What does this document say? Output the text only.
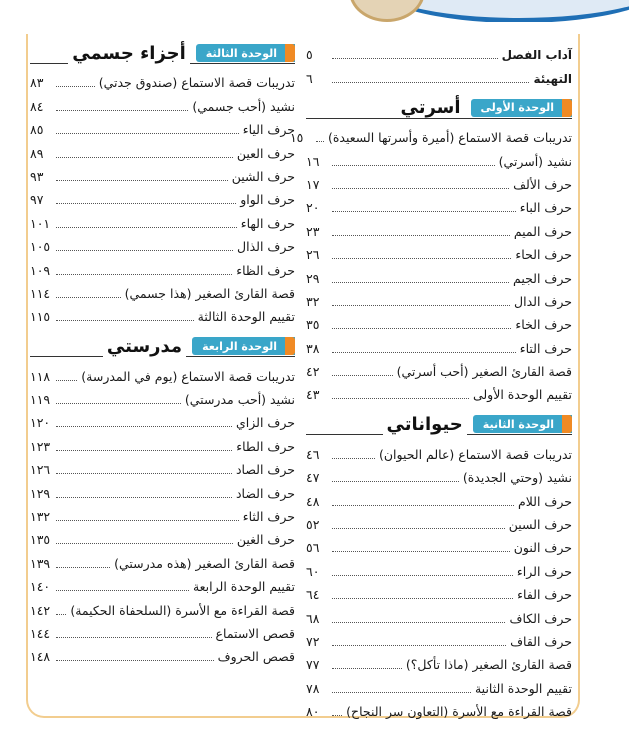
آداب الفصل
٥
التهيئة
٦
الوحدة الأولى
أسرتي
تدريبات قصة الاستماع (أميرة وأسرتها السعيدة)
١٥
نشيد (أسرتي)
١٦
حرف الألف
١٧
حرف الباء
٢٠
حرف الميم
٢٣
حرف الحاء
٢٦
حرف الجيم
٢٩
حرف الدال
٣٢
حرف الخاء
٣٥
حرف التاء
٣٨
قصة القارئ الصغير (أحب أسرتي)
٤٢
تقييم الوحدة الأولى
٤٣
الوحدة الثانية
حيواناتي
تدريبات قصة الاستماع (عالم الحيوان)
٤٦
نشيد (وحتي الجديدة)
٤٧
حرف اللام
٤٨
حرف السين
٥٢
حرف النون
٥٦
حرف الراء
٦٠
حرف الفاء
٦٤
حرف الكاف
٦٨
حرف القاف
٧٢
قصة القارئ الصغير (ماذا تأكل؟)
٧٧
تقييم الوحدة الثانية
٧٨
قصة القراءة مع الأسرة (التعاون سر النجاح)
٨٠
الوحدة الثالثة
أجزاء جسمي
تدريبات قصة الاستماع (صندوق جدتي)
٨٣
نشيد (أحب جسمي)
٨٤
حرف الياء
٨٥
حرف العين
٨٩
حرف الشين
٩٣
حرف الواو
٩٧
حرف الهاء
١٠١
حرف الذال
١٠٥
حرف الظاء
١٠٩
قصة القارئ الصغير (هذا جسمي)
١١٤
تقييم الوحدة الثالثة
١١٥
الوحدة الرابعة
مدرستي
تدريبات قصة الاستماع (يوم في المدرسة)
١١٨
نشيد (أحب مدرستي)
١١٩
حرف الزاي
١٢٠
حرف الطاء
١٢٣
حرف الصاد
١٢٦
حرف الضاد
١٢٩
حرف الثاء
١٣٢
حرف الغين
١٣٥
قصة القارئ الصغير (هذه مدرستي)
١٣٩
تقييم الوحدة الرابعة
١٤٠
قصة القراءة مع الأسرة (السلحفاة الحكيمة)
١٤٢
قصص الاستماع
١٤٤
قصص الحروف
١٤٨
